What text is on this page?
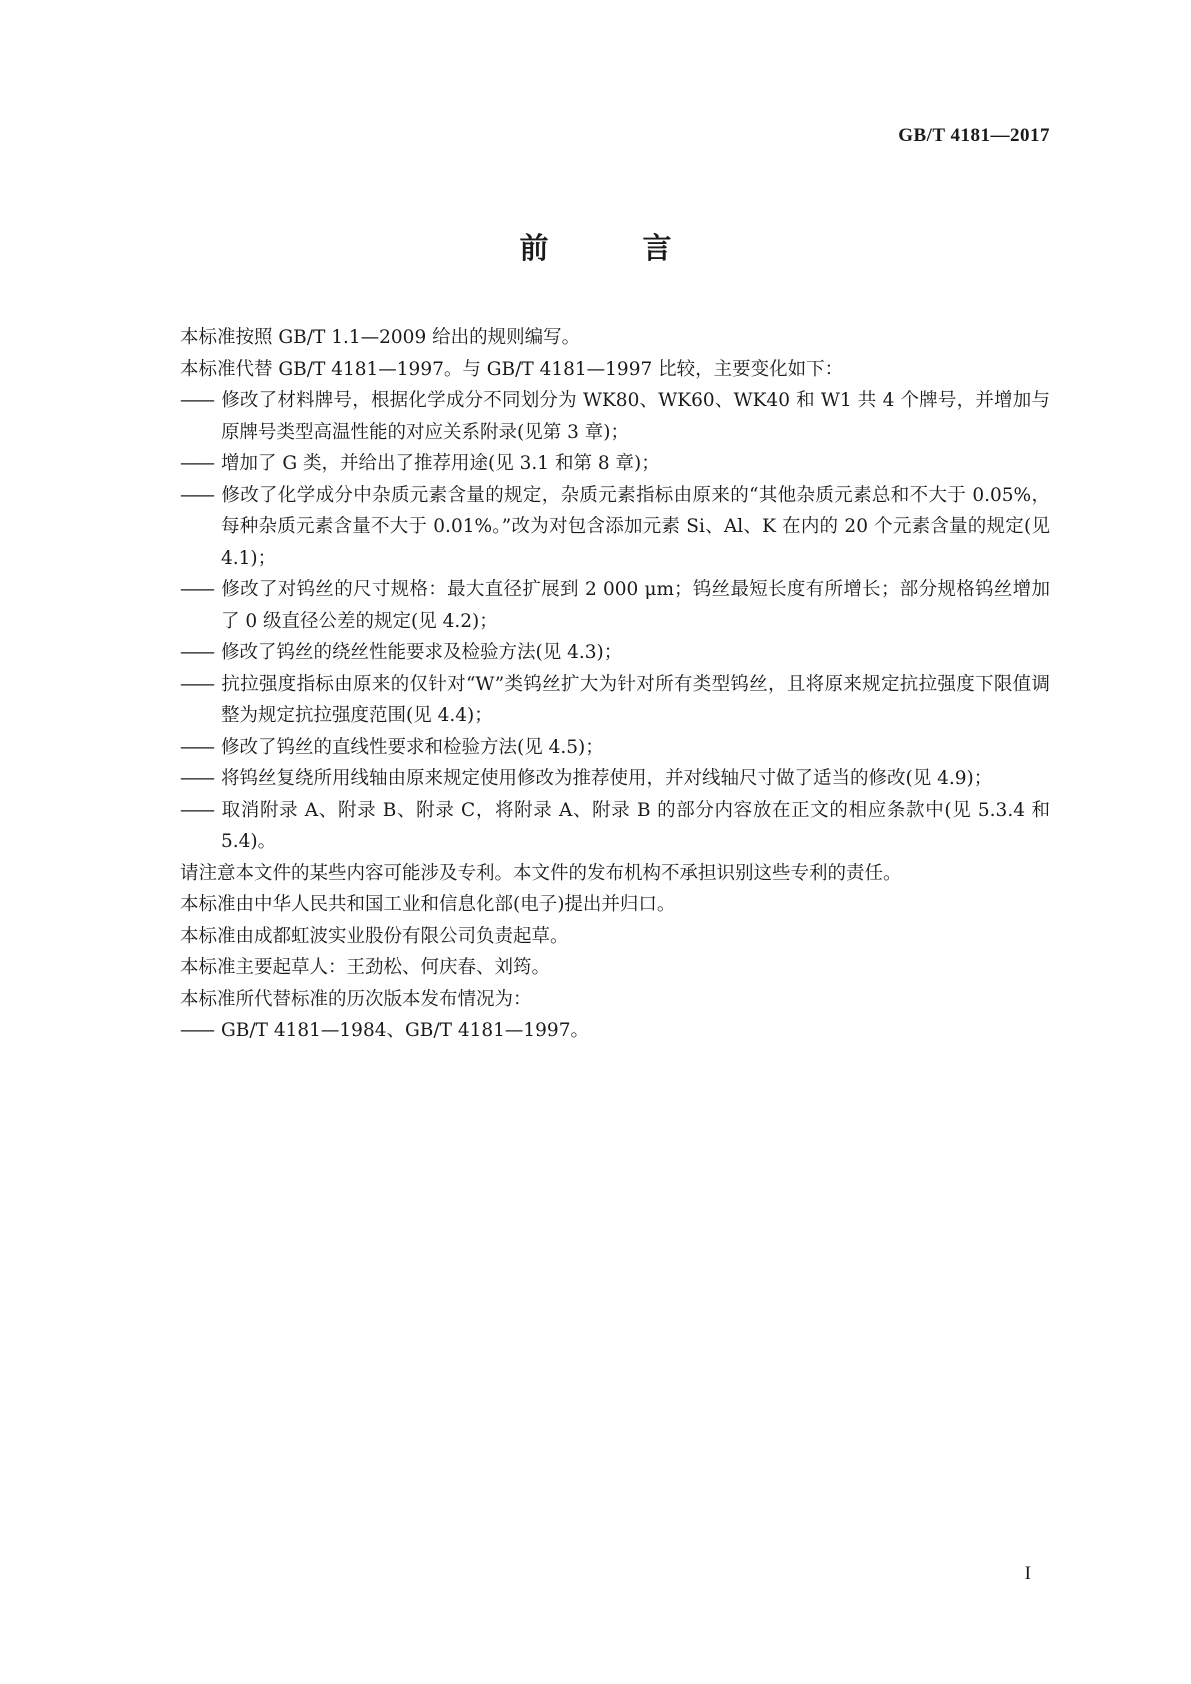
GB/T 4181—2017
前 言

本标准按照 GB/T 1.1—2009 给出的规则编写。

本标准代替 GB/T 4181—1997。与 GB/T 4181—1997 比较，主要变化如下：

—— 修改了材料牌号，根据化学成分不同划分为 WK80、WK60、WK40 和 W1 共 4 个牌号，并增加与原牌号类型高温性能的对应关系附录(见第 3 章)；

—— 增加了 G 类，并给出了推荐用途(见 3.1 和第 8 章)；

—— 修改了化学成分中杂质元素含量的规定，杂质元素指标由原来的“其他杂质元素总和不大于 0.05%，每种杂质元素含量不大于 0.01%。”改为对包含添加元素 Si、Al、K 在内的 20 个元素含量的规定(见 4.1)；

—— 修改了对钨丝的尺寸规格：最大直径扩展到 2 000 μm；钨丝最短长度有所增长；部分规格钨丝增加了 0 级直径公差的规定(见 4.2)；

—— 修改了钨丝的绕丝性能要求及检验方法(见 4.3)；

—— 抗拉强度指标由原来的仅针对“W”类钨丝扩大为针对所有类型钨丝，且将原来规定抗拉强度下限值调整为规定抗拉强度范围(见 4.4)；

—— 修改了钨丝的直线性要求和检验方法(见 4.5)；

—— 将钨丝复绕所用线轴由原来规定使用修改为推荐使用，并对线轴尺寸做了适当的修改(见 4.9)；

—— 取消附录 A、附录 B、附录 C，将附录 A、附录 B 的部分内容放在正文的相应条款中(见 5.3.4 和 5.4)。

请注意本文件的某些内容可能涉及专利。本文件的发布机构不承担识别这些专利的责任。

本标准由中华人民共和国工业和信息化部(电子)提出并归口。

本标准由成都虹波实业股份有限公司负责起草。

本标准主要起草人：王劲松、何庆春、刘筠。

本标准所代替标准的历次版本发布情况为：

—— GB/T 4181—1984、GB/T 4181—1997。

I
